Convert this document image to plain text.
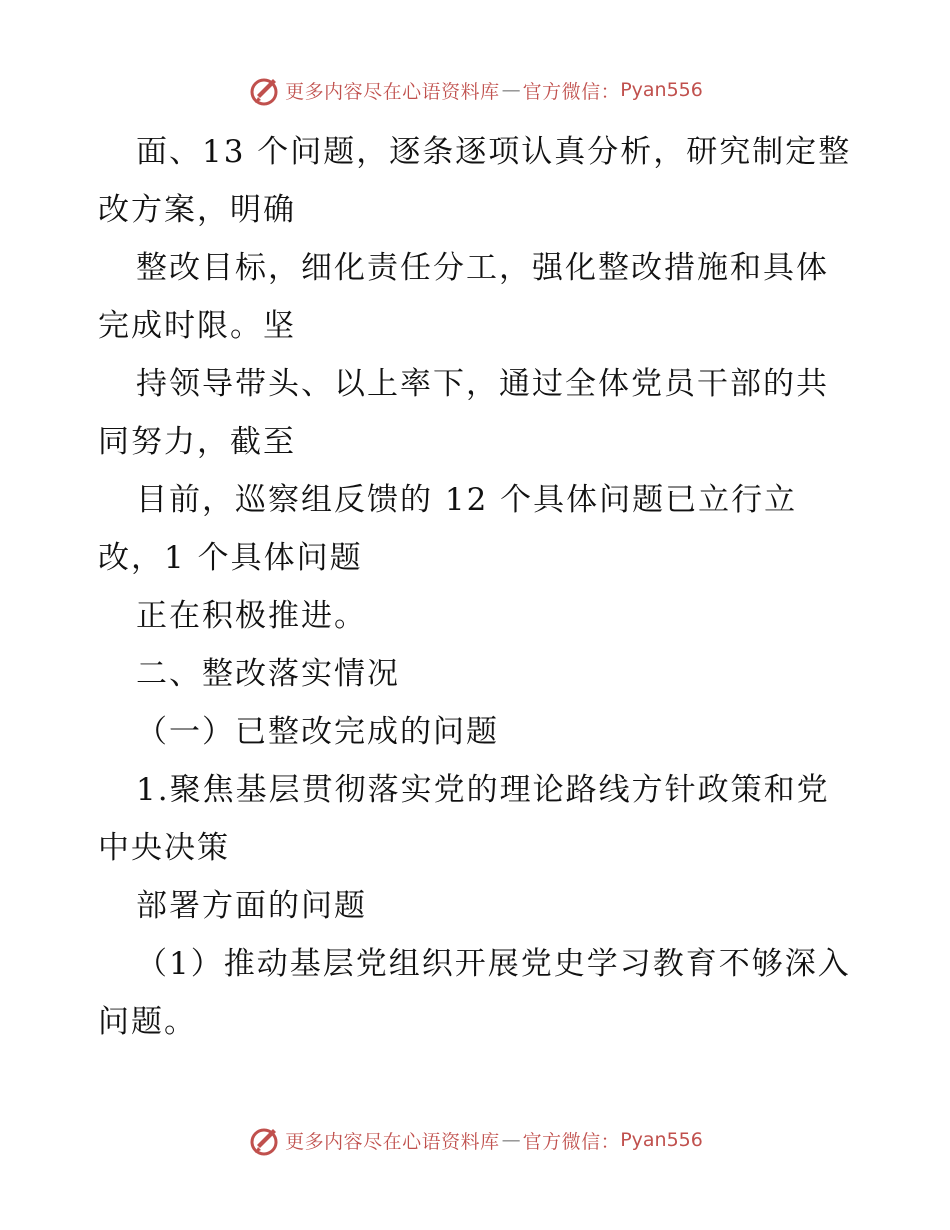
更多内容尽在心语资料库 — 官方微信： Pyan556

面、13 个问题，逐条逐项认真分析，研究制定整改方案，明确

整改目标，细化责任分工，强化整改措施和具体完成时限。坚

持领导带头、以上率下，通过全体党员干部的共同努力，截至

目前，巡察组反馈的 12 个具体问题已立行立改，1 个具体问题

正在积极推进。

二、整改落实情况

（一）已整改完成的问题

1.聚焦基层贯彻落实党的理论路线方针政策和党中央决策

部署方面的问题

（1）推动基层党组织开展党史学习教育不够深入问题。

更多内容尽在心语资料库 — 官方微信： Pyan556
